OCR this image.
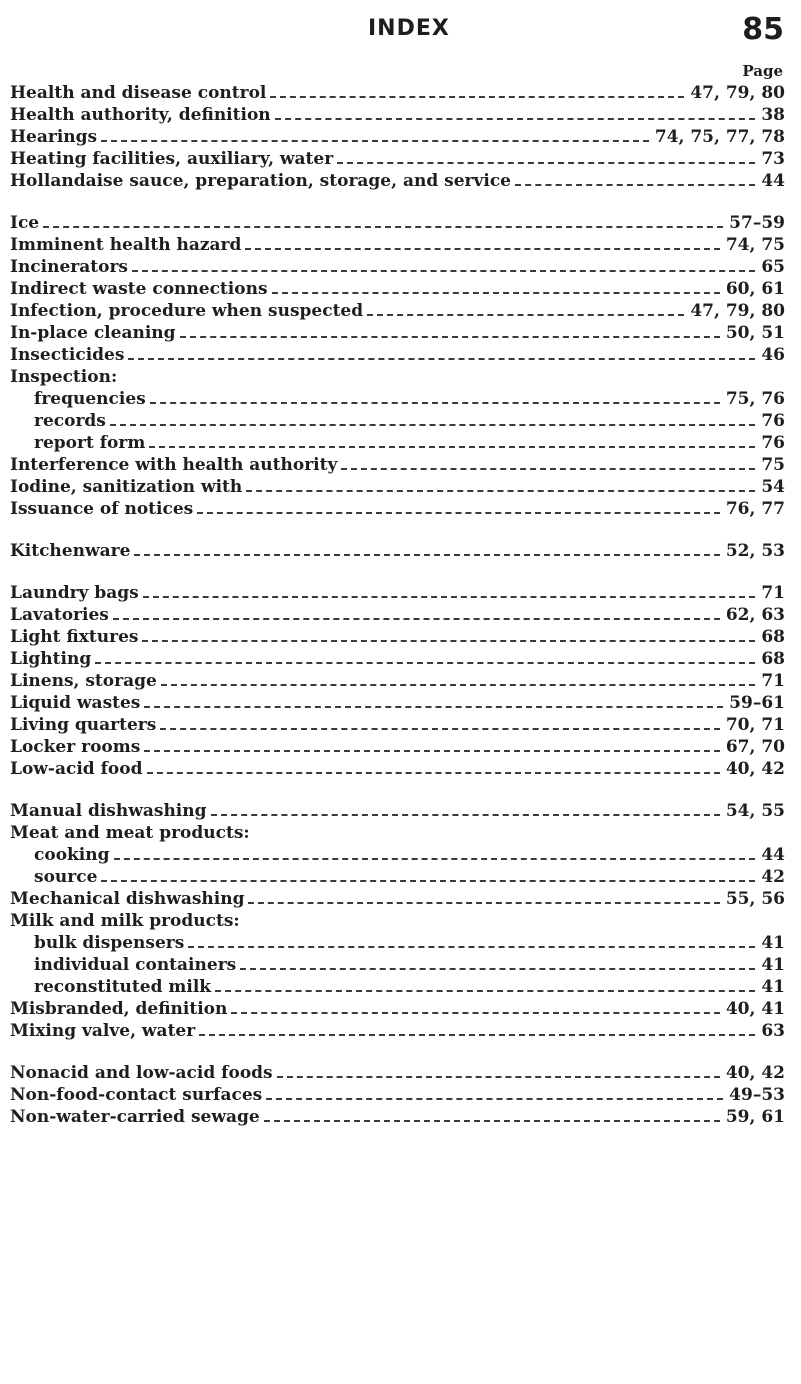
INDEX	85
Page
Health and disease control	47, 79, 80
Health authority, definition	38
Hearings	74, 75, 77, 78
Heating facilities, auxiliary, water	73
Hollandaise sauce, preparation, storage, and service	44
Ice	57–59
Imminent health hazard	74, 75
Incinerators	65
Indirect waste connections	60, 61
Infection, procedure when suspected	47, 79, 80
In-place cleaning	50, 51
Insecticides	46
Inspection:
frequencies	75, 76
records	76
report form	76
Interference with health authority	75
Iodine, sanitization with	54
Issuance of notices	76, 77
Kitchenware	52, 53
Laundry bags	71
Lavatories	62, 63
Light fixtures	68
Lighting	68
Linens, storage	71
Liquid wastes	59–61
Living quarters	70, 71
Locker rooms	67, 70
Low-acid food	40, 42
Manual dishwashing	54, 55
Meat and meat products:
cooking	44
source	42
Mechanical dishwashing	55, 56
Milk and milk products:
bulk dispensers	41
individual containers	41
reconstituted milk	41
Misbranded, definition	40, 41
Mixing valve, water	63
Nonacid and low-acid foods	40, 42
Non-food-contact surfaces	49–53
Non-water-carried sewage	59, 61
